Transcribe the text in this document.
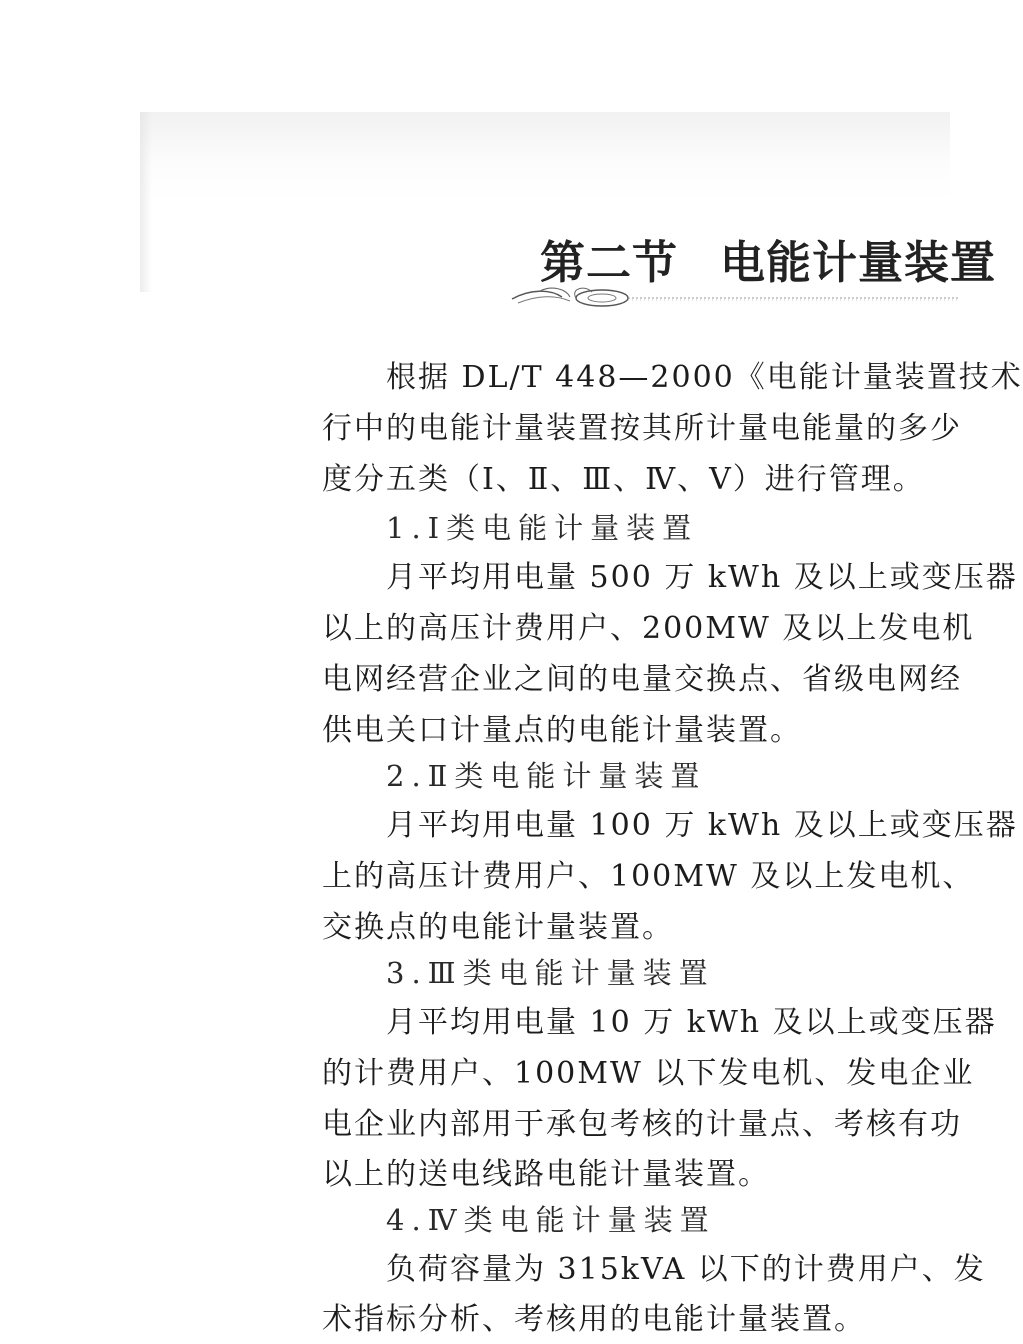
第二节 电能计量装置
根据 DL/T 448—2000《电能计量装置技术
行中的电能计量装置按其所计量电能量的多少
度分五类（Ⅰ、Ⅱ、Ⅲ、Ⅳ、Ⅴ）进行管理。
1.Ⅰ类电能计量装置
月平均用电量 500 万 kWh 及以上或变压器
以上的高压计费用户、200MW 及以上发电机
电网经营企业之间的电量交换点、省级电网经
供电关口计量点的电能计量装置。
2.Ⅱ类电能计量装置
月平均用电量 100 万 kWh 及以上或变压器
上的高压计费用户、100MW 及以上发电机、
交换点的电能计量装置。
3.Ⅲ类电能计量装置
月平均用电量 10 万 kWh 及以上或变压器
的计费用户、100MW 以下发电机、发电企业
电企业内部用于承包考核的计量点、考核有功
以上的送电线路电能计量装置。
4.Ⅳ类电能计量装置
负荷容量为 315kVA 以下的计费用户、发
术指标分析、考核用的电能计量装置。
